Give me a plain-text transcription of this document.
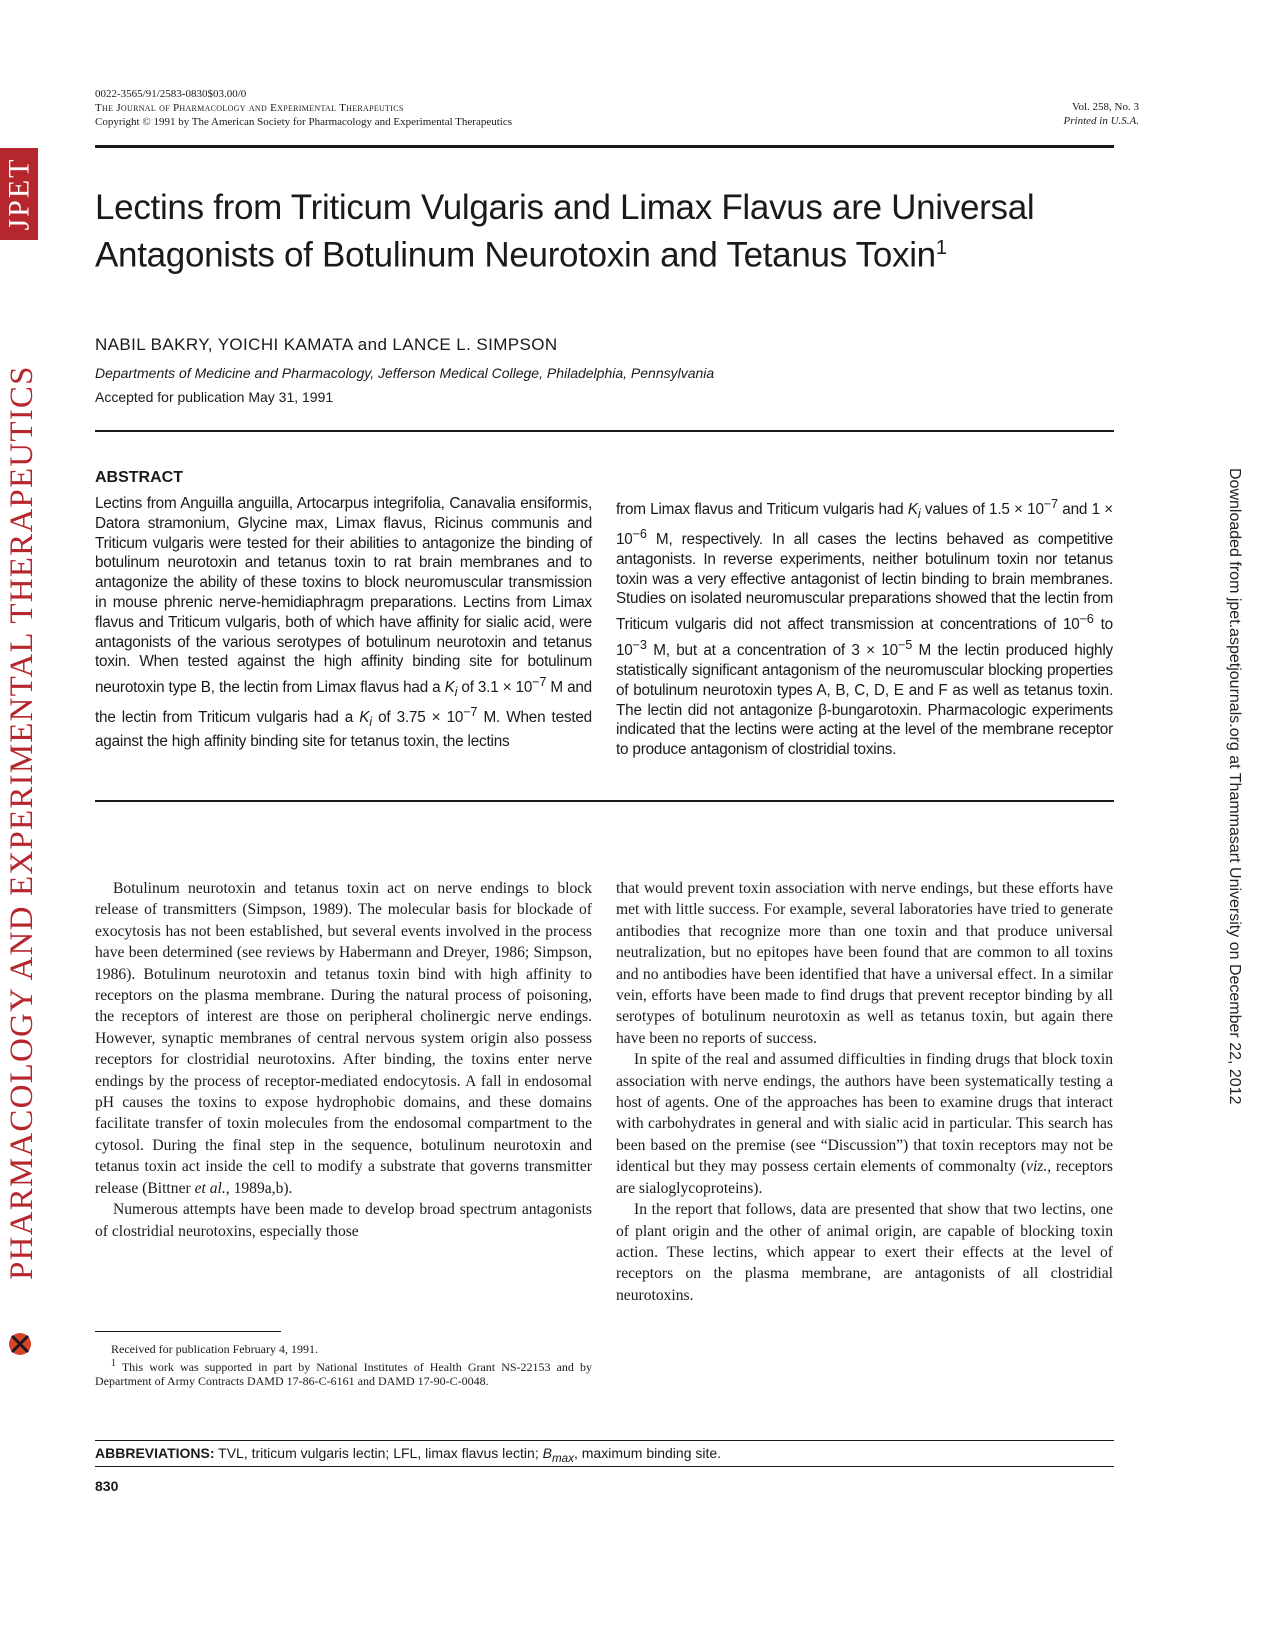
JPET
PHARMACOLOGY AND EXPERIMENTAL THERAPEUTICS	Downloaded from jpet.aspetjournals.org at Thammasart University on December 22, 2012
0022-3565/91/2583-0830$03.00/0
The Journal of Pharmacology and Experimental Therapeutics
Copyright © 1991 by The American Society for Pharmacology and Experimental Therapeutics
Vol. 258, No. 3
Printed in U.S.A.
Lectins from Triticum Vulgaris and Limax Flavus are Universal
Antagonists of Botulinum Neurotoxin and Tetanus Toxin$^1$
NABIL BAKRY, YOICHI KAMATA and LANCE L. SIMPSON
Departments of Medicine and Pharmacology, Jefferson Medical College, Philadelphia, Pennsylvania
Accepted for publication May 31, 1991
ABSTRACT
Lectins from Anguilla anguilla, Artocarpus integrifolia, Canavalia ensiformis, Datora stramonium, Glycine max, Limax flavus, Ricinus communis and Triticum vulgaris were tested for their abilities to antagonize the binding of botulinum neurotoxin and tetanus toxin to rat brain membranes and to antagonize the ability of these toxins to block neuromuscular transmission in mouse phrenic nerve-hemidiaphragm preparations. Lectins from Limax flavus and Triticum vulgaris, both of which have affinity for sialic acid, were antagonists of the various serotypes of botulinum neurotoxin and tetanus toxin. When tested against the high affinity binding site for botulinum neurotoxin type B, the lectin from Limax flavus had a $K_i$ of $3.1 \times 10^{-7}$ M and the lectin from Triticum vulgaris had a $K_i$ of $3.75 \times 10^{-7}$ M. When tested against the high affinity binding site for tetanus toxin, the lectins
from Limax flavus and Triticum vulgaris had $K_i$ values of $1.5 \times 10^{-7}$ and $1 \times 10^{-6}$ M, respectively. In all cases the lectins behaved as competitive antagonists. In reverse experiments, neither botulinum toxin nor tetanus toxin was a very effective antagonist of lectin binding to brain membranes. Studies on isolated neuromuscular preparations showed that the lectin from Triticum vulgaris did not affect transmission at concentrations of $10^{-6}$ to $10^{-3}$ M, but at a concentration of $3 \times 10^{-5}$ M the lectin produced highly statistically significant antagonism of the neuromuscular blocking properties of botulinum neurotoxin types A, B, C, D, E and F as well as tetanus toxin. The lectin did not antagonize β-bungarotoxin. Pharmacologic experiments indicated that the lectins were acting at the level of the membrane receptor to produce antagonism of clostridial toxins.

Botulinum neurotoxin and tetanus toxin act on nerve endings to block release of transmitters (Simpson, 1989). The molecular basis for blockade of exocytosis has not been established, but several events involved in the process have been determined (see reviews by Habermann and Dreyer, 1986; Simpson, 1986). Botulinum neurotoxin and tetanus toxin bind with high affinity to receptors on the plasma membrane. During the natural process of poisoning, the receptors of interest are those on peripheral cholinergic nerve endings. However, synaptic membranes of central nervous system origin also possess receptors for clostridial neurotoxins. After binding, the toxins enter nerve endings by the process of receptor-mediated endocytosis. A fall in endosomal pH causes the toxins to expose hydrophobic domains, and these domains facilitate transfer of toxin molecules from the endosomal compartment to the cytosol. During the final step in the sequence, botulinum neurotoxin and tetanus toxin act inside the cell to modify a substrate that governs transmitter release (Bittner et al., 1989a,b).

Numerous attempts have been made to develop broad spectrum antagonists of clostridial neurotoxins, especially those

that would prevent toxin association with nerve endings, but these efforts have met with little success. For example, several laboratories have tried to generate antibodies that recognize more than one toxin and that produce universal neutralization, but no epitopes have been found that are common to all toxins and no antibodies have been identified that have a universal effect. In a similar vein, efforts have been made to find drugs that prevent receptor binding by all serotypes of botulinum neurotoxin as well as tetanus toxin, but again there have been no reports of success.

In spite of the real and assumed difficulties in finding drugs that block toxin association with nerve endings, the authors have been systematically testing a host of agents. One of the approaches has been to examine drugs that interact with carbohydrates in general and with sialic acid in particular. This search has been based on the premise (see “Discussion”) that toxin receptors may not be identical but they may possess certain elements of commonalty (viz., receptors are sialoglycoproteins).

In the report that follows, data are presented that show that two lectins, one of plant origin and the other of animal origin, are capable of blocking toxin action. These lectins, which appear to exert their effects at the level of receptors on the plasma membrane, are antagonists of all clostridial neurotoxins.

Received for publication February 4, 1991.

$^1$ This work was supported in part by National Institutes of Health Grant NS-22153 and by Department of Army Contracts DAMD 17-86-C-6161 and DAMD 17-90-C-0048.

ABBREVIATIONS: TVL, triticum vulgaris lectin; LFL, limax flavus lectin; $B_{max}$, maximum binding site.
830
